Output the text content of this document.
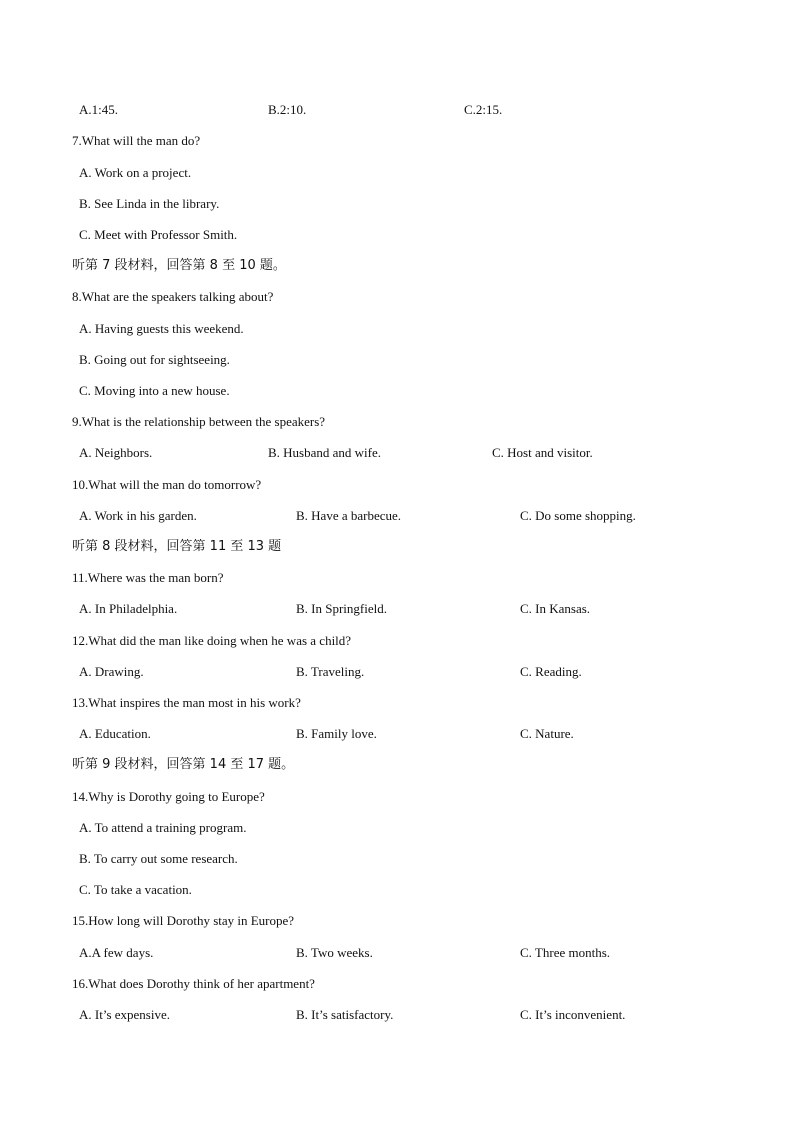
A.1:45.	B.2:10.	C.2:15.
7.What will the man do?
A. Work on a project.
B. See Linda in the library.
C. Meet with Professor Smith.
听第 7 段材料，回答第 8 至 10 题。
8.What are the speakers talking about?
A. Having guests this weekend.
B. Going out for sightseeing.
C. Moving into a new house.
9.What is the relationship between the speakers?
A. Neighbors.	B. Husband and wife.	C. Host and visitor.
10.What will the man do tomorrow?
A. Work in his garden.	B. Have a barbecue.	C. Do some shopping.
听第 8 段材料，回答第 11 至 13 题
11.Where was the man born?
A. In Philadelphia.	B. In Springfield.	C. In Kansas.
12.What did the man like doing when he was a child?
A. Drawing.	B. Traveling.	C. Reading.
13.What inspires the man most in his work?
A. Education.	B. Family love.	C. Nature.
听第 9 段材料，回答第 14 至 17 题。
14.Why is Dorothy going to Europe?
A. To attend a training program.
B. To carry out some research.
C. To take a vacation.
15.How long will Dorothy stay in Europe?
A.A few days.	B. Two weeks.	C. Three months.
16.What does Dorothy think of her apartment?
A. It’s expensive.	B. It’s satisfactory.	C. It’s inconvenient.
